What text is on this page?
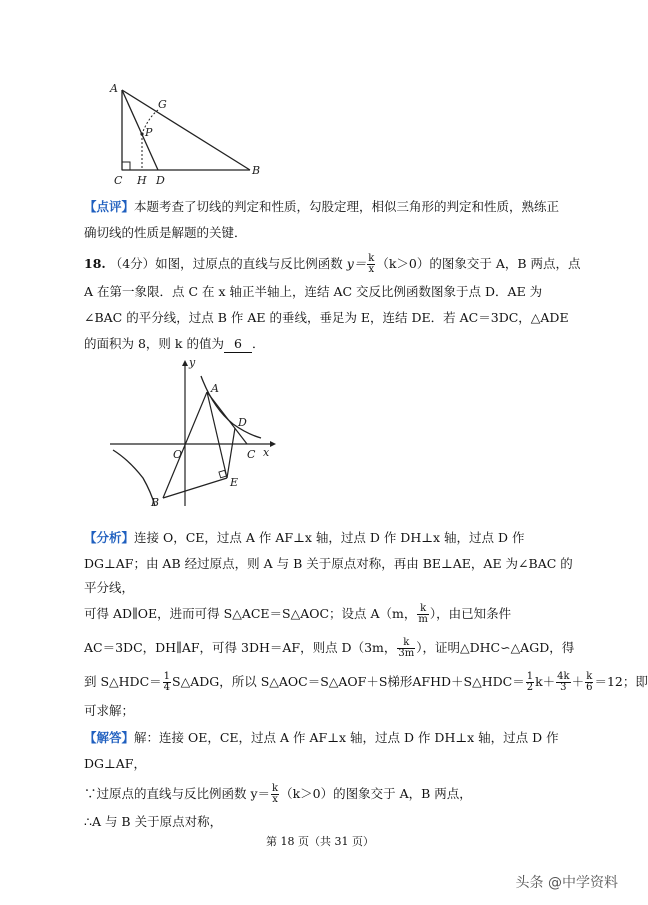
A
G
P
C H D
B
【点评】本题考查了切线的判定和性质，勾股定理，相似三角形的判定和性质，熟练正
确切线的性质是解题的关键．
18. （4分）如图，过原点的直线与反比例函数 $y= \frac{k}{x} (k>0)$的图象交于 A，B 两点，点
A 在第一象限．点 C 在 x 轴正半轴上，连结 AC 交反比例函数图象于点 D．AE 为
∠BAC 的平分线，过点 B 作 AE 的垂线，垂足为 E，连结 DE．若 AC＝3DC，△ADE
的面积为 8，则 k 的值为 6 ．
y
x
O
A
D
C
B
E
【分析】连接 O，CE，过点 A 作 AF⊥x 轴，过点 D 作 DH⊥x 轴，过点 D 作
DG⊥AF；由 AB 经过原点，则 A 与 B 关于原点对称，再由 BE⊥AE，AE 为∠BAC 的
平分线，
可得 AD∥OE，进而可得 S△ACE＝S△AOC；设点 A（m， $\frac{k}{m}$ ），由已知条件
AC＝3DC，DH∥AF，可得 3DH＝AF，则点 D（3m， $\frac{k}{3m}$ ），证明△DHC∽△AGD，得
到 S△HDC＝ $\frac{1}{4}$ S△ADG，所以 S△AOC＝S△AOF＋S梯形AFHD＋S△HDC＝ $\frac{1}{2} k+ \frac{4k}{3} + \frac{k}{6} =12$；即
可求解；
【解答】解：连接 OE，CE，过点 A 作 AF⊥x 轴，过点 D 作 DH⊥x 轴，过点 D 作
DG⊥AF，
∵过原点的直线与反比例函数 $y= \frac{k}{x} (k>0)$的图象交于 A，B 两点，
∴A 与 B 关于原点对称，
第 18 页（共 31 页）
头条 @中学资料
